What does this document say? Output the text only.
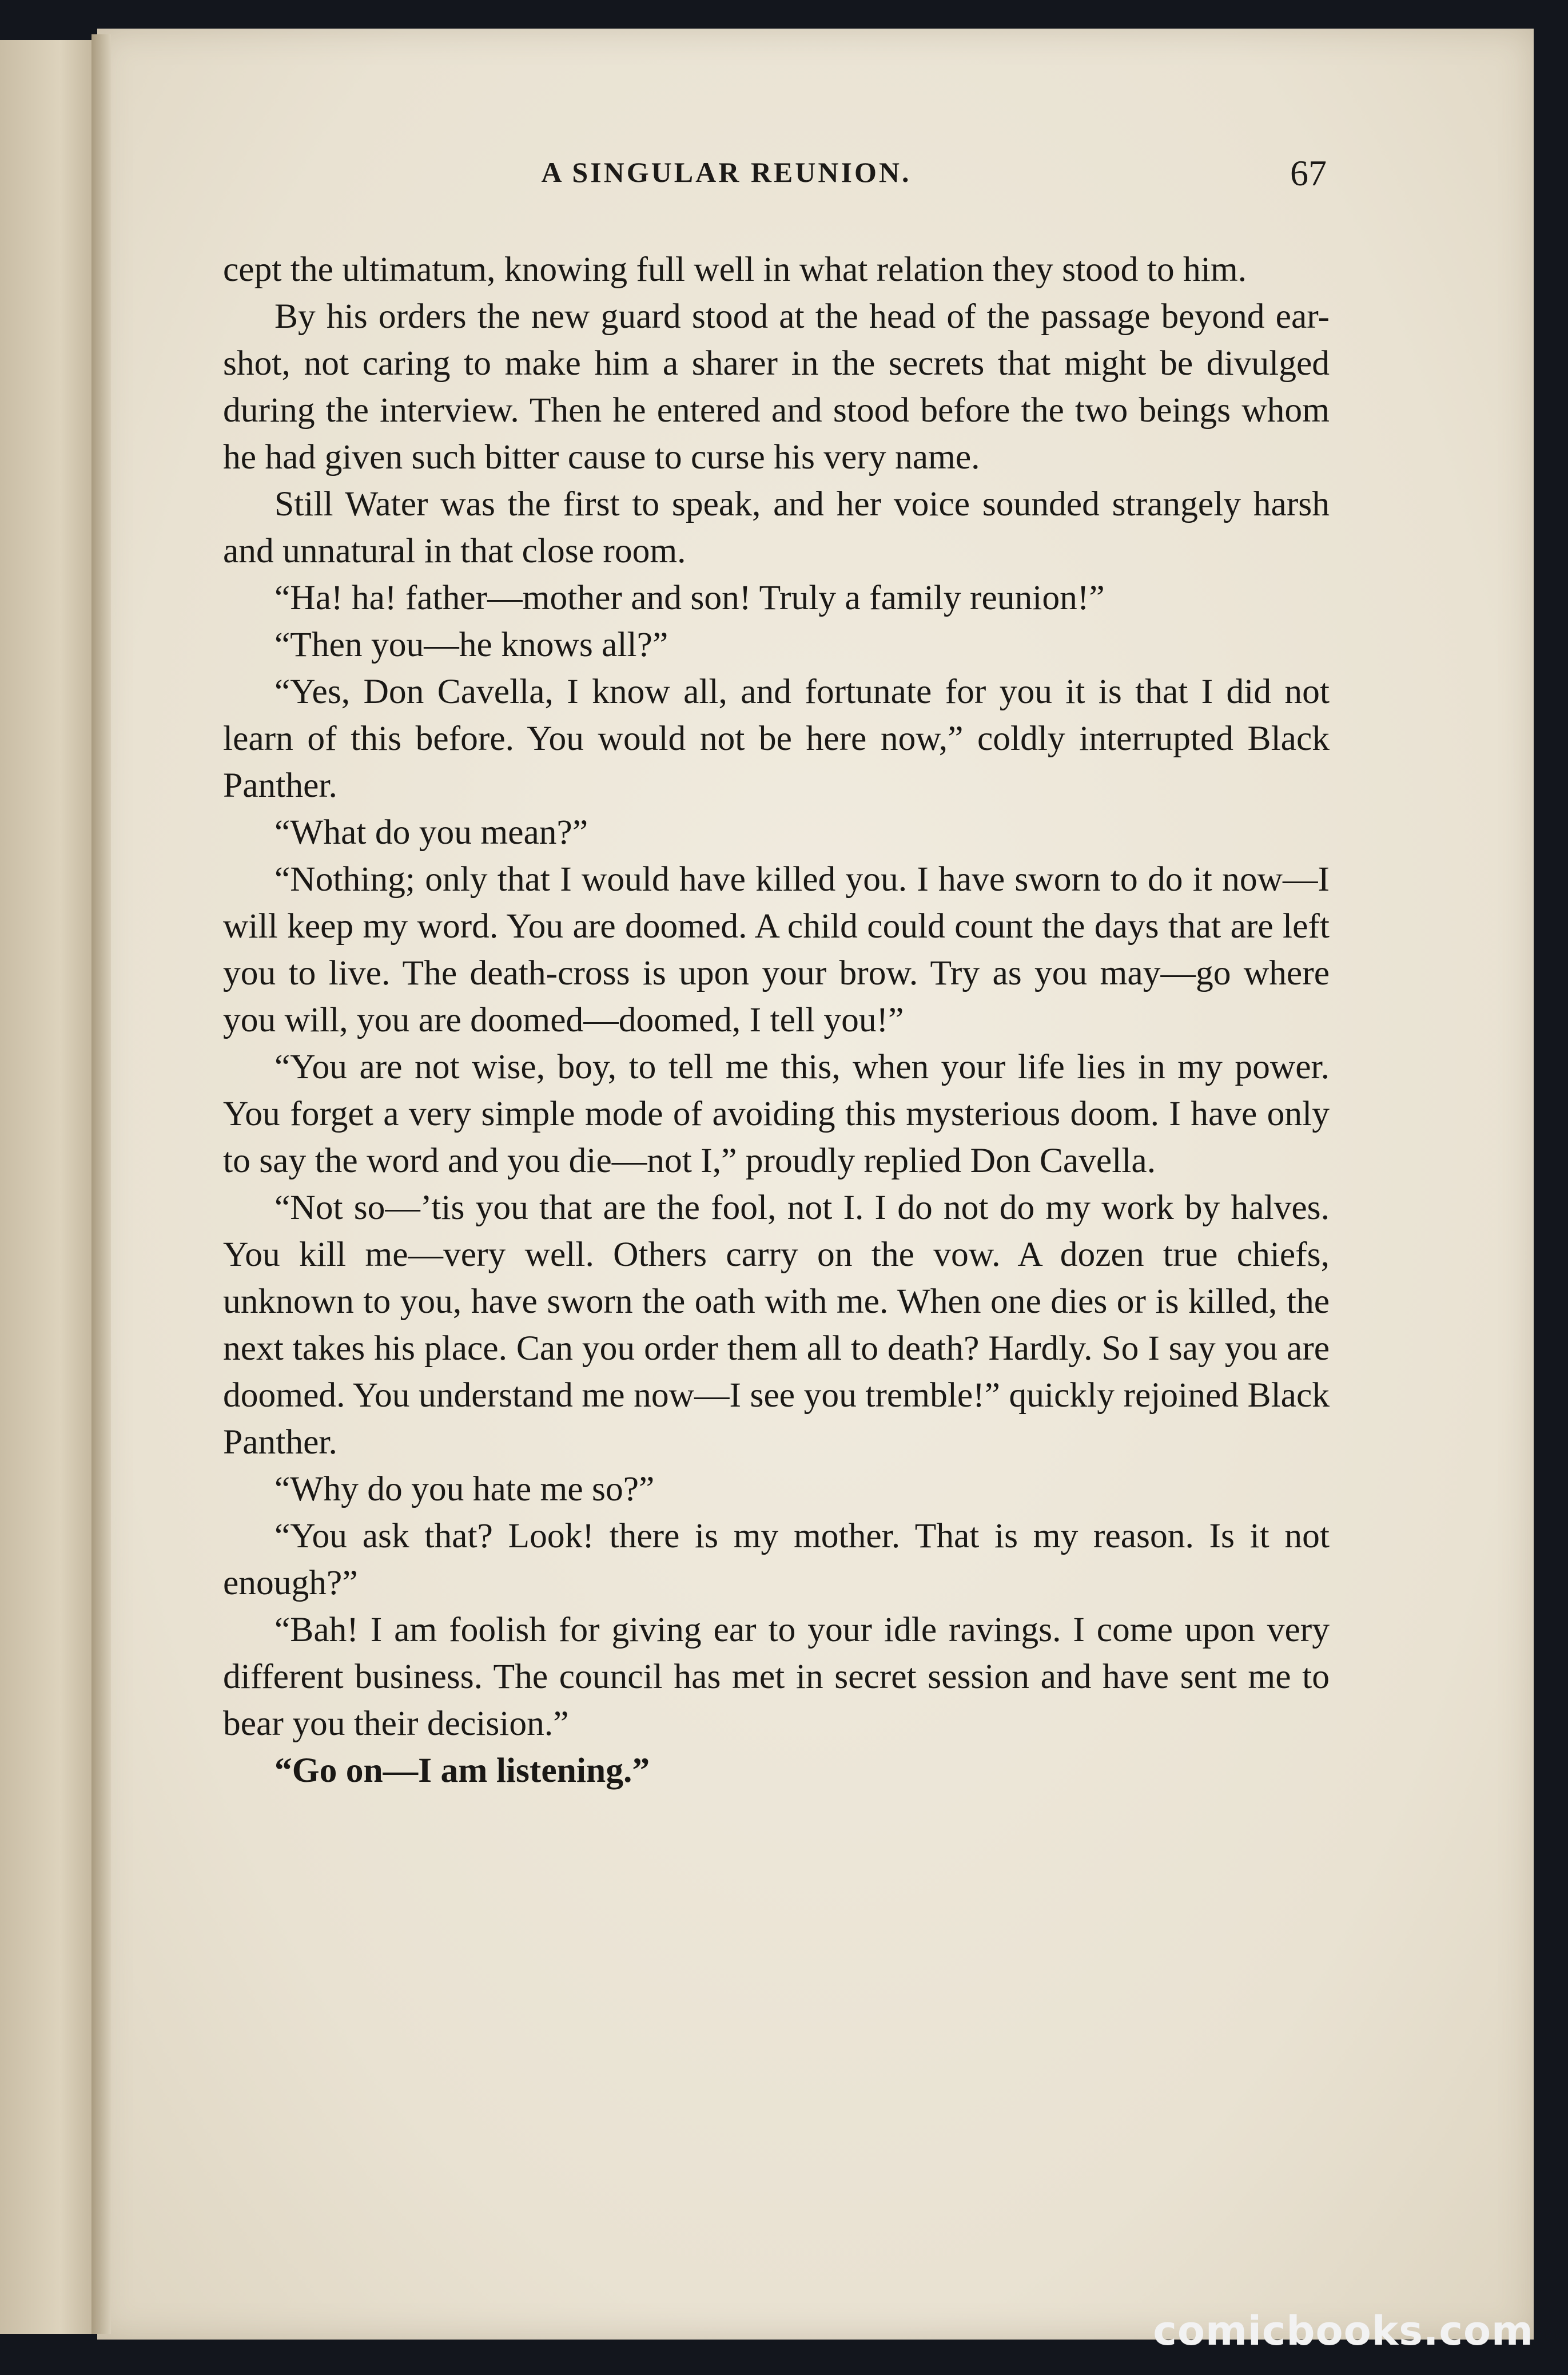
A SINGULAR REUNION.	67

cept the ultimatum, knowing full well in what relation they stood to him.

By his orders the new guard stood at the head of the passage beyond ear-shot, not caring to make him a sharer in the secrets that might be divulged during the interview. Then he entered and stood before the two beings whom he had given such bitter cause to curse his very name.

Still Water was the first to speak, and her voice sounded strangely harsh and unnatural in that close room.

“Ha! ha! father—mother and son! Truly a family reunion!”

“Then you—he knows all?”

“Yes, Don Cavella, I know all, and fortunate for you it is that I did not learn of this before. You would not be here now,” coldly interrupted Black Panther.

“What do you mean?”

“Nothing; only that I would have killed you. I have sworn to do it now—I will keep my word. You are doomed. A child could count the days that are left you to live. The death-cross is upon your brow. Try as you may—go where you will, you are doomed—doomed, I tell you!”

“You are not wise, boy, to tell me this, when your life lies in my power. You forget a very simple mode of avoiding this mysterious doom. I have only to say the word and you die—not I,” proudly replied Don Cavella.

“Not so—’tis you that are the fool, not I. I do not do my work by halves. You kill me—very well. Others carry on the vow. A dozen true chiefs, unknown to you, have sworn the oath with me. When one dies or is killed, the next takes his place. Can you order them all to death? Hardly. So I say you are doomed. You understand me now—I see you tremble!” quickly rejoined Black Panther.

“Why do you hate me so?”

“You ask that? Look! there is my mother. That is my reason. Is it not enough?”

“Bah! I am foolish for giving ear to your idle ravings. I come upon very different business. The council has met in secret session and have sent me to bear you their decision.”

“Go on—I am listening.”

comicbooks.com
